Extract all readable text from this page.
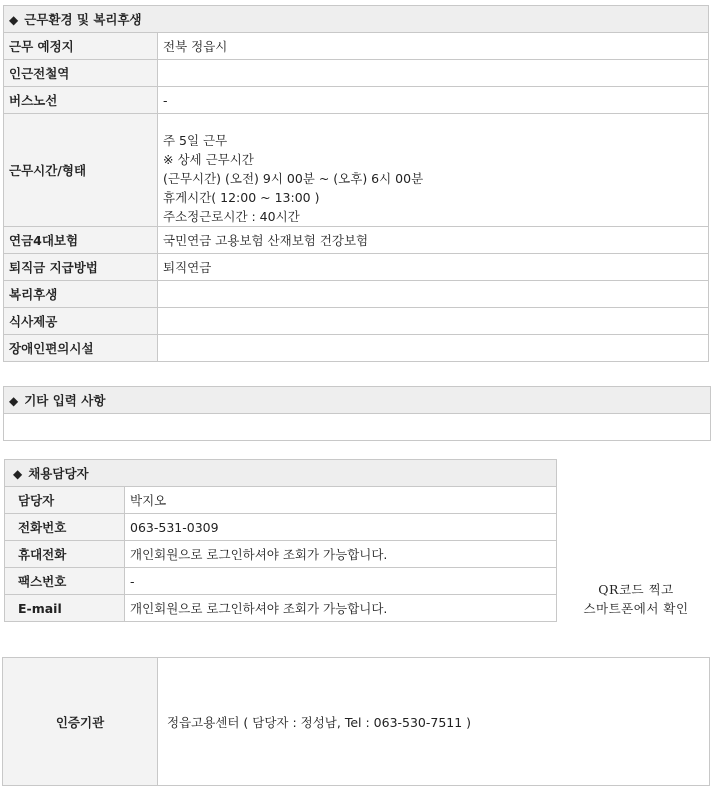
◆ 근무환경 및 복리후생	
근무 예정지	전북 정읍시
인근전철역	
버스노선	-
근무시간/형태	주 5일 근무
※ 상세 근무시간
(근무시간) (오전) 9시 00분 ~ (오후) 6시 00분
휴게시간( 12:00 ~ 13:00 )
주소정근로시간 : 40시간

연금4대보험	국민연금 고용보험 산재보험 건강보험
퇴직금 지급방법	퇴직연금
복리후생	
식사제공	
장애인편의시설	
◆ 기타 입력 사항

◆ 채용담당자	
담당자	박지오
전화번호	063-531-0309
휴대전화	개인회원으로 로그인하셔야 조회가 가능합니다.
팩스번호	-
E-mail	개인회원으로 로그인하셔야 조회가 가능합니다.
QR코드 찍고
스마트폰에서 확인
인증기관	정읍고용센터 ( 담당자 : 정성남, Tel : 063-530-7511 )
